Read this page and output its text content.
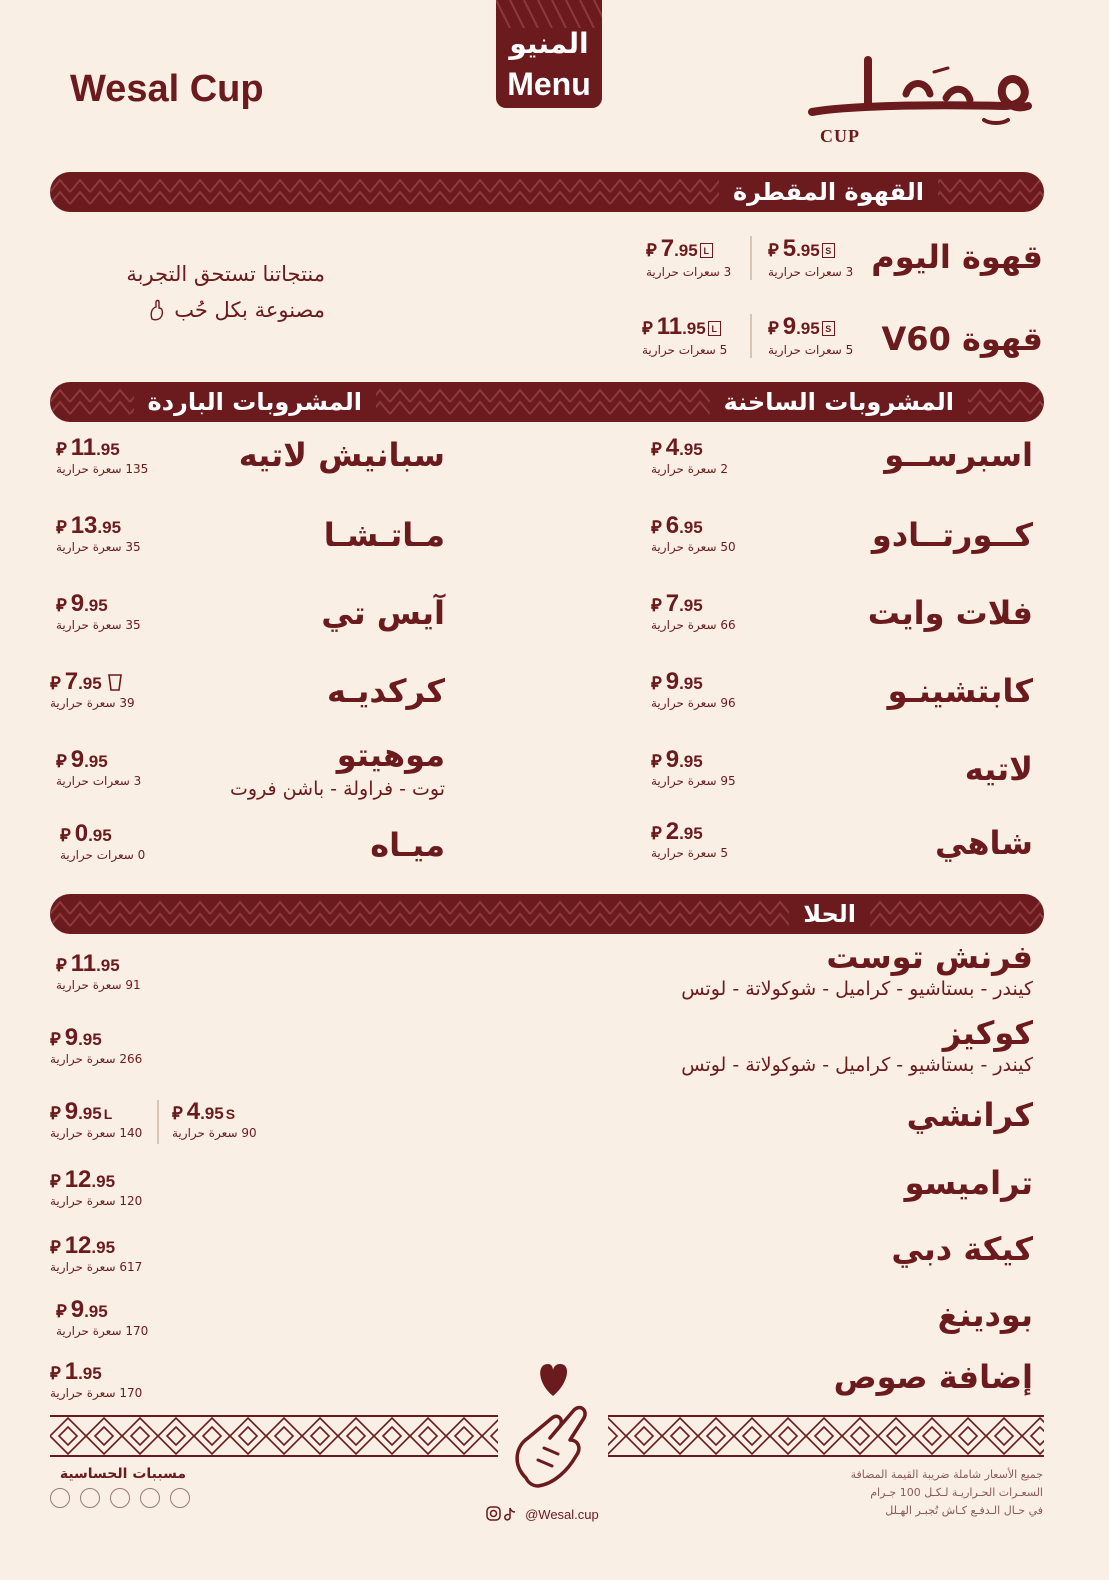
Wesal Cup
المنيو
Menu
CUP
القهوة المقطرة
قهوة اليوم
⃁ 5.95 S
3 سعرات حرارية
⃁ 7.95 L
3 سعرات حرارية
قهوة V60
⃁ 9.95 S
5 سعرات حرارية
⃁ 11.95 L
5 سعرات حرارية
منتجاتنا تستحق التجربة
مصنوعة بكل حُب
المشروبات الساخنة
المشروبات الباردة
اسبرســو
⃁ 4.95
2 سعرة حرارية
كــورتــادو
⃁ 6.95
50 سعرة حرارية
فلات وايت
⃁ 7.95
66 سعرة حرارية
كابتشينـو
⃁ 9.95
96 سعرة حرارية
لاتيه
⃁ 9.95
95 سعرة حرارية
شاهي
⃁ 2.95
5 سعرة حرارية
سبانيش لاتيه
⃁ 11.95
135 سعرة حرارية
مـاتـشـا
⃁ 13.95
35 سعرة حرارية
آيس تي
⃁ 9.95
35 سعرة حرارية
كركديـه
⃁ 7.95
39 سعرة حرارية
موهيتو
توت - فراولة - باشن فروت
⃁ 9.95
3 سعرات حرارية
ميـاه
⃁ 0.95
0 سعرات حرارية
الحلا
فرنش توست
كيندر - بستاشيو - كراميل - شوكولاتة - لوتس
⃁ 11.95
91 سعرة حرارية
كوكيز
كيندر - بستاشيو - كراميل - شوكولاتة - لوتس
⃁ 9.95
266 سعرة حرارية
كرانشي
⃁ 9.95 L
140 سعرة حرارية
⃁ 4.95 S
90 سعرة حرارية
تراميسو
⃁ 12.95
120 سعرة حرارية
كيكة دبي
⃁ 12.95
617 سعرة حرارية
بودينغ
⃁ 9.95
170 سعرة حرارية
إضافة صوص
⃁ 1.95
170 سعرة حرارية
مسببات الحساسية
@Wesal.cup
جميع الأسعار شاملة ضريبة القيمة المضافة
السعـرات الحـراريـة لـكـل 100 جـرام
في حـال الـدفـع كـاش تُجبـر الهـلل
